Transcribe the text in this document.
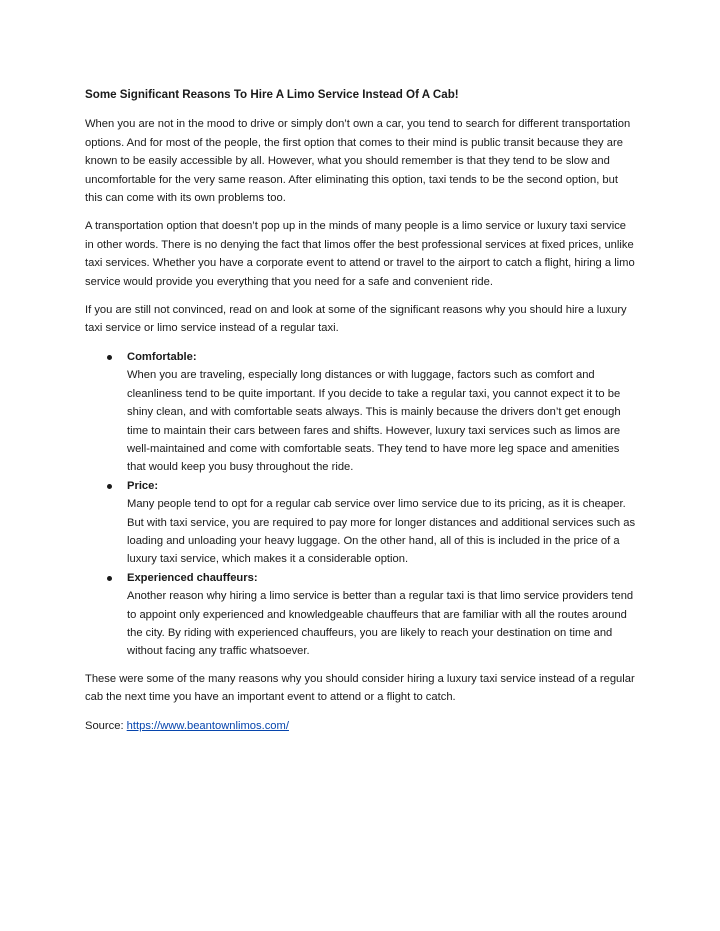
Some Significant Reasons To Hire A Limo Service Instead Of A Cab!

When you are not in the mood to drive or simply don’t own a car, you tend to search for different transportation options. And for most of the people, the first option that comes to their mind is public transit because they are known to be easily accessible by all. However, what you should remember is that they tend to be slow and uncomfortable for the very same reason. After eliminating this option, taxi tends to be the second option, but this can come with its own problems too.

A transportation option that doesn’t pop up in the minds of many people is a limo service or luxury taxi service in other words. There is no denying the fact that limos offer the best professional services at fixed prices, unlike taxi services. Whether you have a corporate event to attend or travel to the airport to catch a flight, hiring a limo service would provide you everything that you need for a safe and convenient ride.

If you are still not convinced, read on and look at some of the significant reasons why you should hire a luxury taxi service or limo service instead of a regular taxi.

Comfortable:
When you are traveling, especially long distances or with luggage, factors such as comfort and cleanliness tend to be quite important. If you decide to take a regular taxi, you cannot expect it to be shiny clean, and with comfortable seats always. This is mainly because the drivers don’t get enough time to maintain their cars between fares and shifts. However, luxury taxi services such as limos are well-maintained and come with comfortable seats. They tend to have more leg space and amenities that would keep you busy throughout the ride.
Price:
Many people tend to opt for a regular cab service over limo service due to its pricing, as it is cheaper. But with taxi service, you are required to pay more for longer distances and additional services such as loading and unloading your heavy luggage. On the other hand, all of this is included in the price of a luxury taxi service, which makes it a considerable option.
Experienced chauffeurs:
Another reason why hiring a limo service is better than a regular taxi is that limo service providers tend to appoint only experienced and knowledgeable chauffeurs that are familiar with all the routes around the city. By riding with experienced chauffeurs, you are likely to reach your destination on time and without facing any traffic whatsoever.

These were some of the many reasons why you should consider hiring a luxury taxi service instead of a regular cab the next time you have an important event to attend or a flight to catch.

Source: https://www.beantownlimos.com/
